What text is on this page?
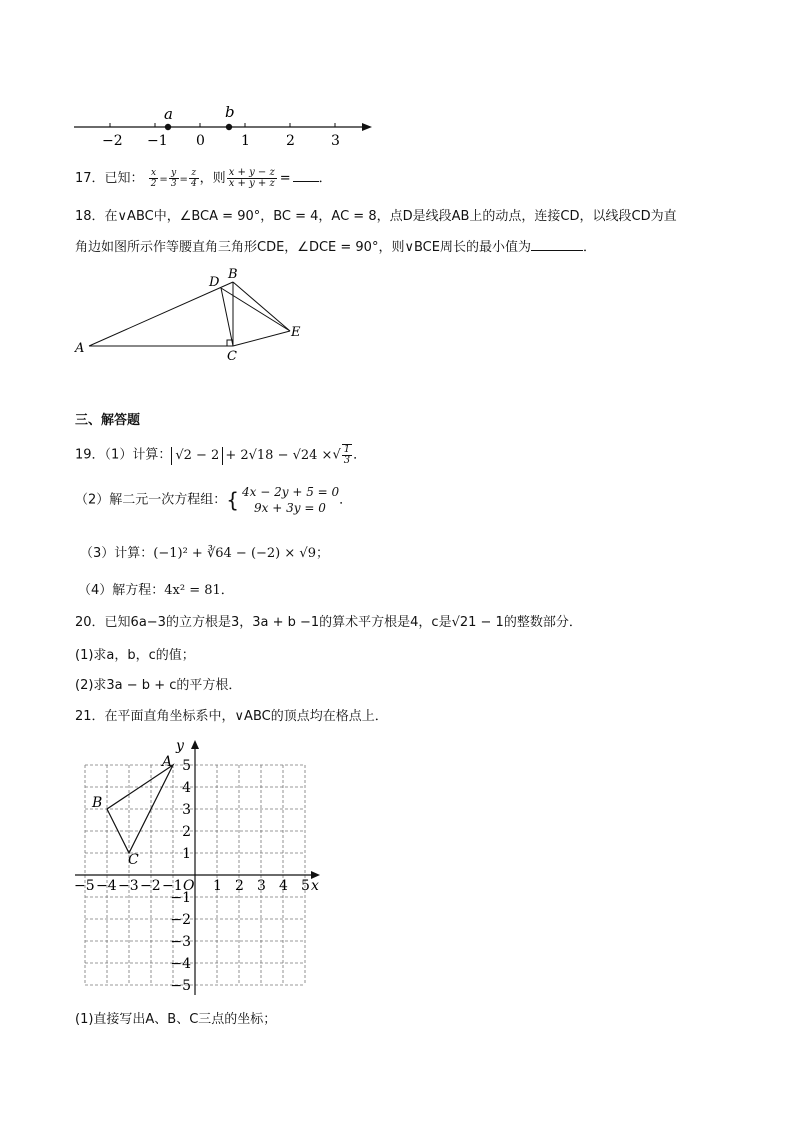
−2 −1 0	1	2	3
a	b
17．已知： $\frac{x}{2} = \frac{y}{3} = \frac{z}{4}$ ，则 $\frac{x + y - z}{x + y + z}$ = ．
18．在∨ABC中，∠BCA = 90°，BC = 4，AC = 8，点D是线段AB上的动点，连接CD，以线段CD为直
角边如图所示作等腰直角三角形CDE，∠DCE = 90°，则∨BCE周长的最小值为	．
A
B
C
D
E
三、解答题
19．（1）计算： √2 − 2 + 2√18 − √24 ×√ $\frac{1}{3}$ ．
（2）解二元一次方程组：{ 4x − 2y + 5 = 0
9x + 3y = 0
．
（3）计算：(−1)² + ∛64 − (−2) × √9；
（4）解方程：4x² = 81．
20．已知6a−3的立方根是3，3a + b −1的算术平方根是4，c是√21 − 1的整数部分．
(1)求a，b，c的值；
(2)求3a − b + c的平方根．
21．在平面直角坐标系中，∨ABC的顶点均在格点上．
x
y
O
−5 −4 −3 −2 −1 1 2 3 4 5
5
4
3
2
1
−1
−2
−3
−4
−5
A
B
C
(1)直接写出A、B、C三点的坐标；
